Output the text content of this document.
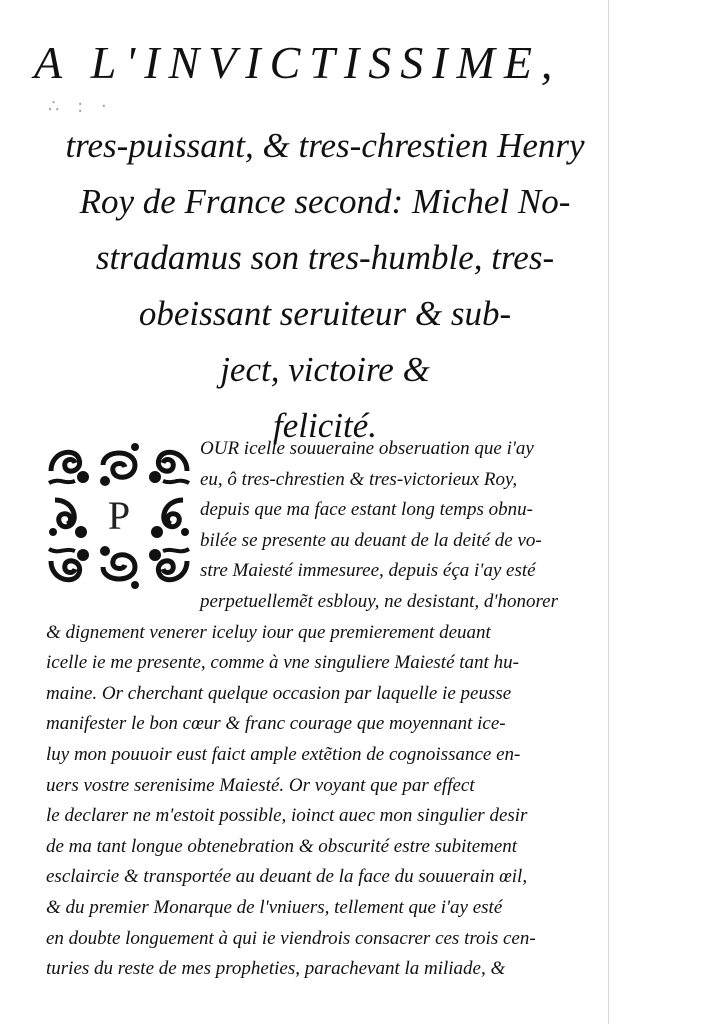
∴ : ·
A L'INVICTISSIME,
tres-puissant, & tres-chrestien Henry
Roy de France second: Michel No-
stradamus son tres-humble, tres-
obeissant seruiteur & sub-
ject, victoire &
felicité.
P
OUR icelle souueraine obseruation que i'ay
eu, ô tres-chrestien & tres-victorieux Roy,
depuis que ma face estant long temps obnu-
bilée se presente au deuant de la deité de vo-
stre Maiesté immesuree, depuis éça i'ay esté
perpetuellemẽt esblouy, ne desistant, d'honorer
& dignement venerer iceluy iour que premierement deuant
icelle ie me presente, comme à vne singuliere Maiesté tant hu-
maine. Or cherchant quelque occasion par laquelle ie peusse
manifester le bon cœur & franc courage que moyennant ice-
luy mon pouuoir eust faict ample extẽtion de cognoissance en-
uers vostre serenisime Maiesté. Or voyant que par effect
le declarer ne m'estoit possible, ioinct auec mon singulier desir
de ma tant longue obtenebration & obscurité estre subitement
esclaircie & transportée au deuant de la face du souuerain œil,
& du premier Monarque de l'vniuers, tellement que i'ay esté
en doubte longuement à qui ie viendrois consacrer ces trois cen-
turies du reste de mes propheties, parachevant la miliade, &
